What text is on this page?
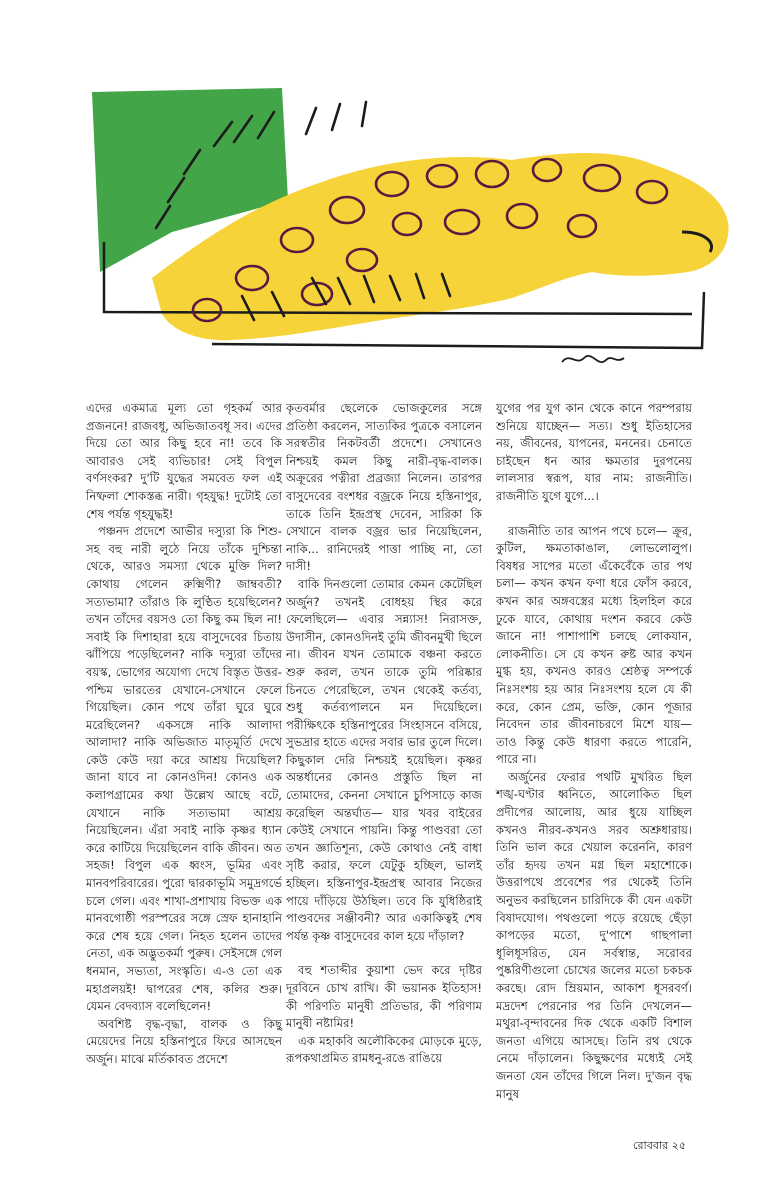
এদের একমাত্র মূল্য তো গৃহকর্ম আর প্রজননে! রাজবধূ, অভিজাতবধূ সব। এদের দিয়ে তো আর কিছু হবে না! তবে কি আবারও সেই ব্যভিচার! সেই বিপুল বর্ণসংকর? দু'টি যুদ্ধের সমবেত ফল এই নিষ্ফলা শোকস্তব্ধ নারী। গৃহযুদ্ধ! দুটোই তো শেষ পর্যন্ত গৃহযুদ্ধই!

পঞ্চনদ প্রদেশে আভীর দস্যুরা কি শিশু-সহ বহু নারী লুঠে নিয়ে তাঁকে দুশ্চিন্তা থেকে, আরও সমস্যা থেকে মুক্তি দিল? কোথায় গেলেন রুক্মিণী? জাম্ববতী? সত্যভামা? তাঁরাও কি লুণ্ঠিত হয়েছিলেন? তখন তাঁদের বয়সও তো কিছু কম ছিল না! সবাই কি দিশাহারা হয়ে বাসুদেবের চিতায় ঝাঁপিয়ে পড়েছিলেন? নাকি দস্যুরা তাঁদের বয়স্ক, ভোগের অযোগ্য দেখে বিস্তৃত উত্তর-পশ্চিম ভারতের যেখানে-সেখানে ফেলে গিয়েছিল। কোন পথে তাঁরা ঘুরে ঘুরে মরেছিলেন? একসঙ্গে নাকি আলাদা আলাদা? নাকি অভিজাত মাতৃমূর্তি দেখে কেউ কেউ দয়া করে আশ্রয় দিয়েছিল? জানা যাবে না কোনওদিন! কোনও এক কলাপগ্রামের কথা উল্লেখ আছে বটে, যেখানে নাকি সত্যভামা আশ্রয় নিয়েছিলেন। এঁরা সবাই নাকি কৃষ্ণর ধ্যান করে কাটিয়ে দিয়েছিলেন বাকি জীবন। অত সহজ! বিপুল এক ধ্বংস, ভূমির এবং মানবপরিবারের। পুরো দ্বারকাভূমি সমুদ্রগর্ভে চলে গেল। এবং শাখা-প্রশাখায় বিভক্ত এক মানবগোষ্ঠী পরস্পরের সঙ্গে স্রেফ হানাহানি করে শেষ হয়ে গেল। নিহত হলেন তাদের নেতা, এক অদ্ভুতকর্মা পুরুষ। সেইসঙ্গে গেল ধনমান, সভ্যতা, সংস্কৃতি। এ-ও তো এক মহাপ্রলয়ই! দ্বাপরের শেষ, কলির শুরু। যেমন বেদব্যাস বলেছিলেন!

অবশিষ্ট বৃদ্ধ-বৃদ্ধা, বালক ও কিছু মেয়েদের নিয়ে হস্তিনাপুরে ফিরে আসছেন অর্জুন। মাঝে মর্তিকাবত প্রদেশে

কৃতবর্মার ছেলেকে ভোজকুলের সঙ্গে প্রতিষ্ঠা করলেন, সাত্যকির পুত্রকে বসালেন সরস্বতীর নিকটবর্তী প্রদেশে। সেখানেও নিশ্চয়ই কমল কিছু নারী-বৃদ্ধ-বালক। অক্রূরের পত্নীরা প্রব্রজ্যা নিলেন। তারপর বাসুদেবের বংশধর বজ্রকে নিয়ে হস্তিনাপুর, তাকে তিনি ইন্দ্রপ্রস্থ দেবেন, সারিকা কি সেখানে বালক বজ্রর ভার নিয়েছিলেন, নাকি... রানিদেরই পাত্তা পাচ্ছি না, তো দাসী!

বাকি দিনগুলো তোমার কেমন কেটেছিল অর্জুন? তখনই বোধহয় স্থির করে ফেলেছিলে— এবার সন্ন্যাস! নিরাসক্ত, উদাসীন, কোনওদিনই তুমি জীবনমুখী ছিলে না। জীবন যখন তোমাকে বঞ্চনা করতে শুরু করল, তখন তাকে তুমি পরিষ্কার চিনতে পেরেছিলে, তখন থেকেই কর্তব্য, শুধু কর্তব্যপালনে মন দিয়েছিলে। পরীক্ষিৎকে হস্তিনাপুরের সিংহাসনে বসিয়ে, সুভদ্রার হাতে এদের সবার ভার তুলে দিলে। কিছুকাল দেরি নিশ্চয়ই হয়েছিল। কৃষ্ণর অন্তর্ধানের কোনও প্রস্তুতি ছিল না তোমাদের, কেননা সেখানে চুপিসাড়ে কাজ করেছিল অন্তর্ঘাত— যার খবর বাইরের কেউই সেখানে পায়নি। কিন্তু পাণ্ডবরা তো তখন জ্ঞাতিশূন্য, কেউ কোথাও নেই বাধা সৃষ্টি করার, ফলে যেটুকু হচ্ছিল, ভালই হচ্ছিল। হস্তিনাপুর-ইন্দ্রপ্রস্থ আবার নিজের পায়ে দাঁড়িয়ে উঠছিল। তবে কি যুধিষ্ঠিরাই পাণ্ডবদের সঞ্জীবনী? আর একাকিত্বই শেষ পর্যন্ত কৃষ্ণ বাসুদেবের কাল হয়ে দাঁড়াল?

বহু শতাব্দীর কুয়াশা ভেদ করে দৃষ্টির দূরবিনে চোখ রাখি। কী ভয়ানক ইতিহাস! কী পরিণতি মানুষী প্রতিভার, কী পরিণাম মানুষী নষ্টামির!

এক মহাকবি অলৌকিকের মোড়কে মুড়ে, রূপকথাপ্রমিত রামধনু-রঙে রাঙিয়ে

যুগের পর যুগ কান থেকে কানে পরম্পরায় শুনিয়ে যাচ্ছেন— সত্য। শুধু ইতিহাসের নয়, জীবনের, যাপনের, মননের। চেনাতে চাইছেন ধন আর ক্ষমতার দুরপনেয় লালসার স্বরূপ, যার নাম: রাজনীতি। রাজনীতি যুগে যুগে...।

রাজনীতি তার আপন পথে চলে— ক্রূর, কুটিল, ক্ষমতাকাঙাল, লোভলোলুপ। বিষধর সাপের মতো এঁকেবেঁকে তার পথ চলা— কখন কখন ফণা ধরে ফোঁস করবে, কখন কার অঙ্গবস্ত্রের মধ্যে হিলহিল করে ঢুকে যাবে, কোথায় দংশন করবে কেউ জানে না! পাশাপাশি চলছে লোকযান, লোকনীতি। সে যে কখন রুষ্ট আর কখন মুগ্ধ হয়, কখনও কারও শ্রেষ্ঠত্ব সম্পর্কে নিঃসংশয় হয় আর নিঃসংশয় হলে যে কী করে, কোন প্রেম, ভক্তি, কোন পূজার নিবেদন তার জীবনাচরণে মিশে যায়— তাও কিন্তু কেউ ধারণা করতে পারেনি, পারে না।

অর্জুনের ফেরার পথটি মুখরিত ছিল শঙ্খ-ঘণ্টার ধ্বনিতে, আলোকিত ছিল প্রদীপের আলোয়, আর ধুয়ে যাচ্ছিল কখনও নীরব-কখনও সরব অশ্রুধারায়। তিনি ভাল করে খেয়াল করেননি, কারণ তাঁর হৃদয় তখন মগ্ন ছিল মহাশোকে। উত্তরাপথে প্রবেশের পর থেকেই তিনি অনুভব করছিলেন চারিদিকে কী যেন একটা বিষাদযোগ। পথগুলো পড়ে রয়েছে ছেঁড়া কাপড়ের মতো, দু'পাশে গাছপালা ধূলিধূসরিত, যেন সর্বস্বান্ত, সরোবর পুষ্করিণীগুলো চোখের জলের মতো চকচক করছে। রোদ ম্রিয়মান, আকাশ ধূসরবর্ণ। মদ্রদেশ পেরনোর পর তিনি দেখলেন— মথুরা-বৃন্দাবনের দিক থেকে একটি বিশাল জনতা এগিয়ে আসছে। তিনি রথ থেকে নেমে দাঁড়ালেন। কিছুক্ষণের মধ্যেই সেই জনতা যেন তাঁদের গিলে নিল। দু'জন বৃদ্ধ মানুষ

রোববার ২৫
